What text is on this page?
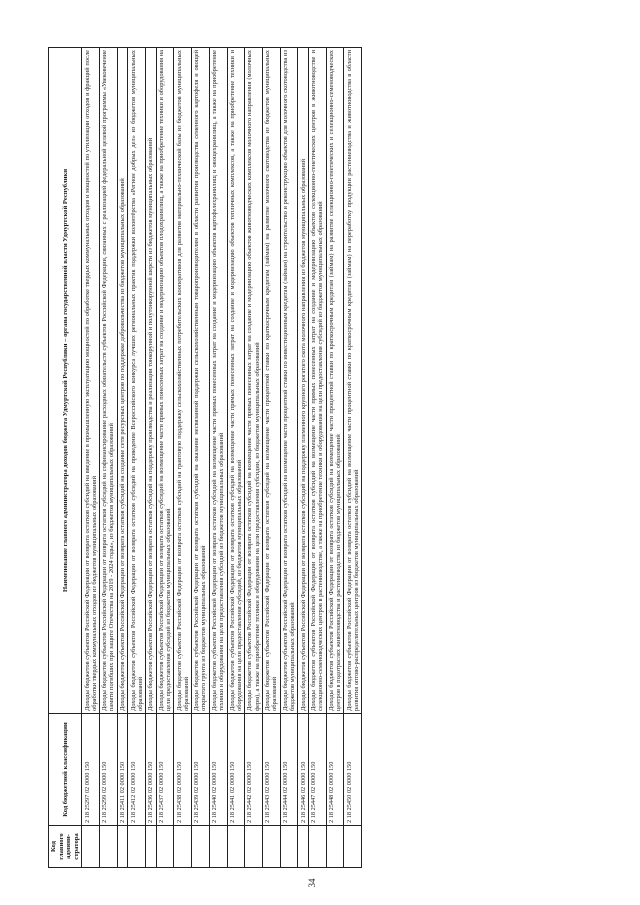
Код главного админи-стратора	Код бюджетной классификации	Наименование главного администратора доходов бюджета Удмуртской Республики – органа государственной власти Удмуртской Республики
	2 18 25297 02 0000 150	Доходы бюджетов субъектов Российской Федерации от возврата остатков субсидий на введение в промышленную эксплуатацию мощностей по обработке твердых коммунальных отходов и мощностей по утилизации отходов и фракций после обработки твердых коммунальных отходов из бюджетов муниципальных образований
	2 18 25299 02 0000 150	Доходы бюджетов субъектов Российской Федерации от возврата остатков субсидий на софинансирование расходных обязательств субъектов Российской Федерации, связанных с реализацией федеральной целевой программы «Увековечение памяти погибших при защите Отечества на 2019 - 2024 годы», из бюджетов муниципальных образований
	2 18 25411 02 0000 150	Доходы бюджетов субъектов Российской Федерации от возврата остатков субсидий на создание сети ресурсных центров по поддержке добровольчества из бюджетов муниципальных образований
	2 18 25412 02 0000 150	Доходы бюджетов субъектов Российской Федерации от возврата остатков субсидий на проведение Всероссийского конкурса лучших региональных практик поддержки волонтёрства «Регион добрых дел» из бюджетов муниципальных образований
	2 18 25436 02 0000 150	Доходы бюджетов субъектов Российской Федерации от возврата остатков субсидий на поддержку производства и реализации тонкорунной и полутонкорунной шерсти из бюджетов муниципальных образований
	2 18 25437 02 0000 150	Доходы бюджетов субъектов Российской Федерации от возврата остатков субсидий на возмещение части прямых понесенных затрат на создание и модернизацию объектов плодохранилищ, а также на приобретение техники и оборудования на цели предоставления субсидий из бюджетов муниципальных образований
	2 18 25438 02 0000 150	Доходы бюджетов субъектов Российской Федерации от возврата остатков субсидий на грантовую поддержку сельскохозяйственных потребительских кооперативов для развития материально-технической базы из бюджетов муниципальных образований
	2 18 25439 02 0000 150	Доходы бюджетов субъектов Российской Федерации от возврата остатков субсидий на оказание несвязанной поддержки сельскохозяйственным товаропроизводителям в области развития производства семенного картофеля и овощей открытого грунта из бюджетов муниципальных образований
	2 18 25440 02 0000 150	Доходы бюджетов субъектов Российской Федерации от возврата остатков субсидий на возмещение части прямых понесенных затрат на создание и модернизацию объектов картофелехранилищ и овощехранилищ, а также на приобретение техники и оборудования на цели предоставления субсидий из бюджетов муниципальных образований
	2 18 25441 02 0000 150	Доходы бюджетов субъектов Российской Федерации от возврата остатков субсидий на возмещение части прямых понесенных затрат на создание и модернизацию объектов тепличных комплексов, а также на приобретение техники и оборудования на цели предоставления субсидий, из бюджетов муниципальных образований
	2 18 25442 02 0000 150	Доходы бюджетов субъектов Российской Федерации от возврата остатков субсидий на возмещение части прямых понесенных затрат на создание и модернизацию объектов животноводческих комплексов молочного направления (молочных ферм), а также на приобретение техники и оборудования на цели предоставления субсидии, из бюджетов муниципальных образований
	2 18 25443 02 0000 150	Доходы бюджетов субъектов Российской Федерации от возврата остатков субсидий на возмещение части процентной ставки по краткосрочным кредитам (займам) на развитие молочного скотоводства из бюджетов муниципальных образований
	2 18 25444 02 0000 150	Доходы бюджетов субъектов Российской Федерации от возврата остатков субсидий на возмещение части процентной ставки по инвестиционным кредитам (займам) на строительство и реконструкцию объектов для молочного скотоводства из бюджетов муниципальных образований
	2 18 25446 02 0000 150	Доходы бюджетов субъектов Российской Федерации от возврата остатков субсидий на поддержку племенного крупного рогатого скота молочного направления из бюджетов муниципальных образований
	2 18 25447 02 0000 150	Доходы бюджетов субъектов Российской Федерации от возврата остатков субсидий на возмещение части прямых понесенных затрат на создание и модернизацию объектов селекционно-генетических центров в животноводстве и селекционно-семеноводческих центров в растениеводстве, а также на приобретение техники и оборудования на цели предоставления субсидий из бюджетов муниципальных образований
	2 18 25448 02 0000 150	Доходы бюджетов субъектов Российской Федерации от возврата остатков субсидий на возмещение части процентной ставки по краткосрочным кредитам (займам) на развитие селекционно-генетических и селекционно-семеноводческих центров в подотраслях животноводства и растениеводства из бюджетов муниципальных образований
	2 18 25450 02 0000 150	Доходы бюджетов субъектов Российской Федерации от возврата остатков субсидий на возмещение части процентной ставки по краткосрочным кредитам (займам) на переработку продукции растениеводства и животноводства в области развития оптово-распределительных центров из бюджетов муниципальных образований
34
